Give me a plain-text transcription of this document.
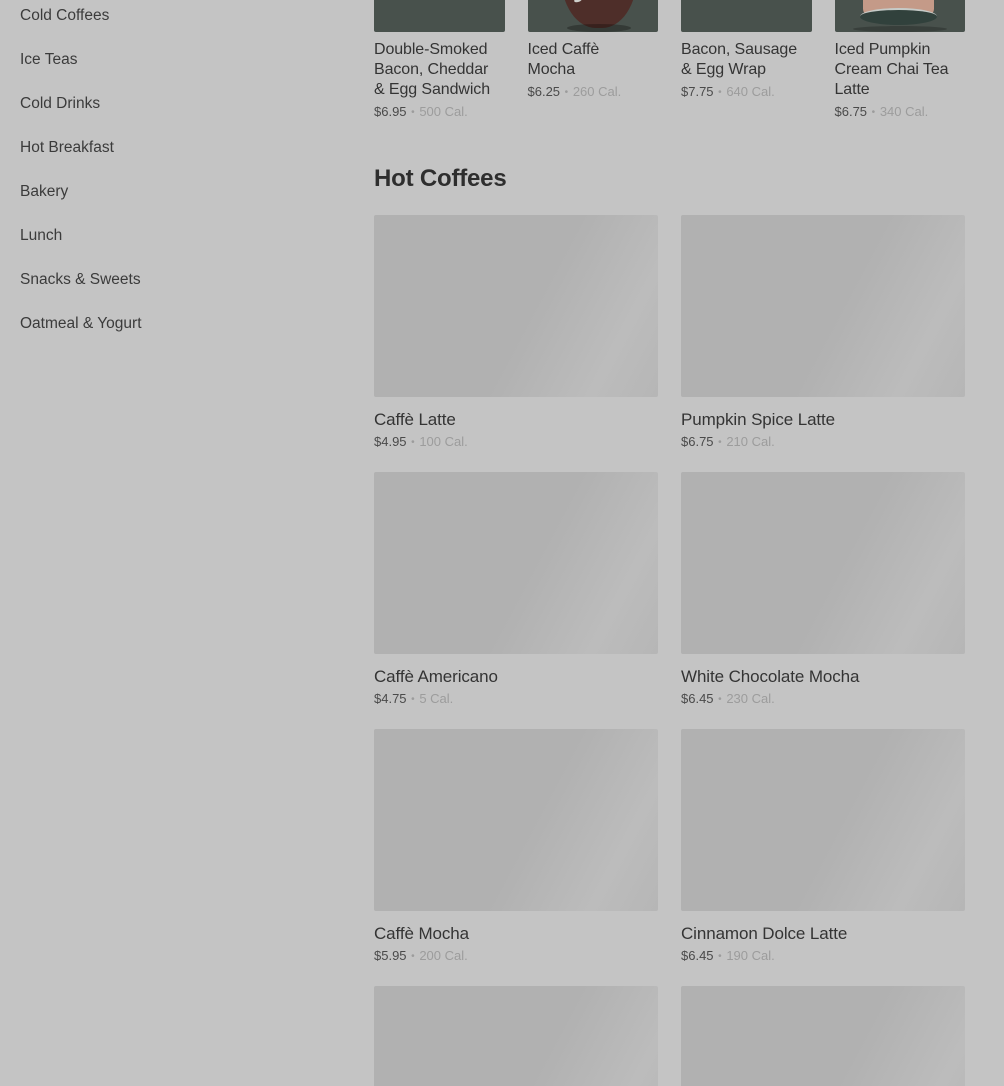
Cold Coffees
Ice Teas
Cold Drinks
Hot Breakfast
Bakery
Lunch
Snacks & Sweets
Oatmeal & Yogurt
Double-Smoked Bacon, Cheddar & Egg Sandwich

$6.95 • 500 Cal.

Iced Caffè Mocha

$6.25 • 260 Cal.

Bacon, Sausage & Egg Wrap

$7.75 • 640 Cal.

Iced Pumpkin Cream Chai Tea Latte

$6.75 • 340 Cal.

Hot Coffees
Caffè Latte

$4.95 • 100 Cal.

Pumpkin Spice Latte

$6.75 • 210 Cal.

Caffè Americano

$4.75 • 5 Cal.

White Chocolate Mocha

$6.45 • 230 Cal.

Caffè Mocha

$5.95 • 200 Cal.

Cinnamon Dolce Latte

$6.45 • 190 Cal.
